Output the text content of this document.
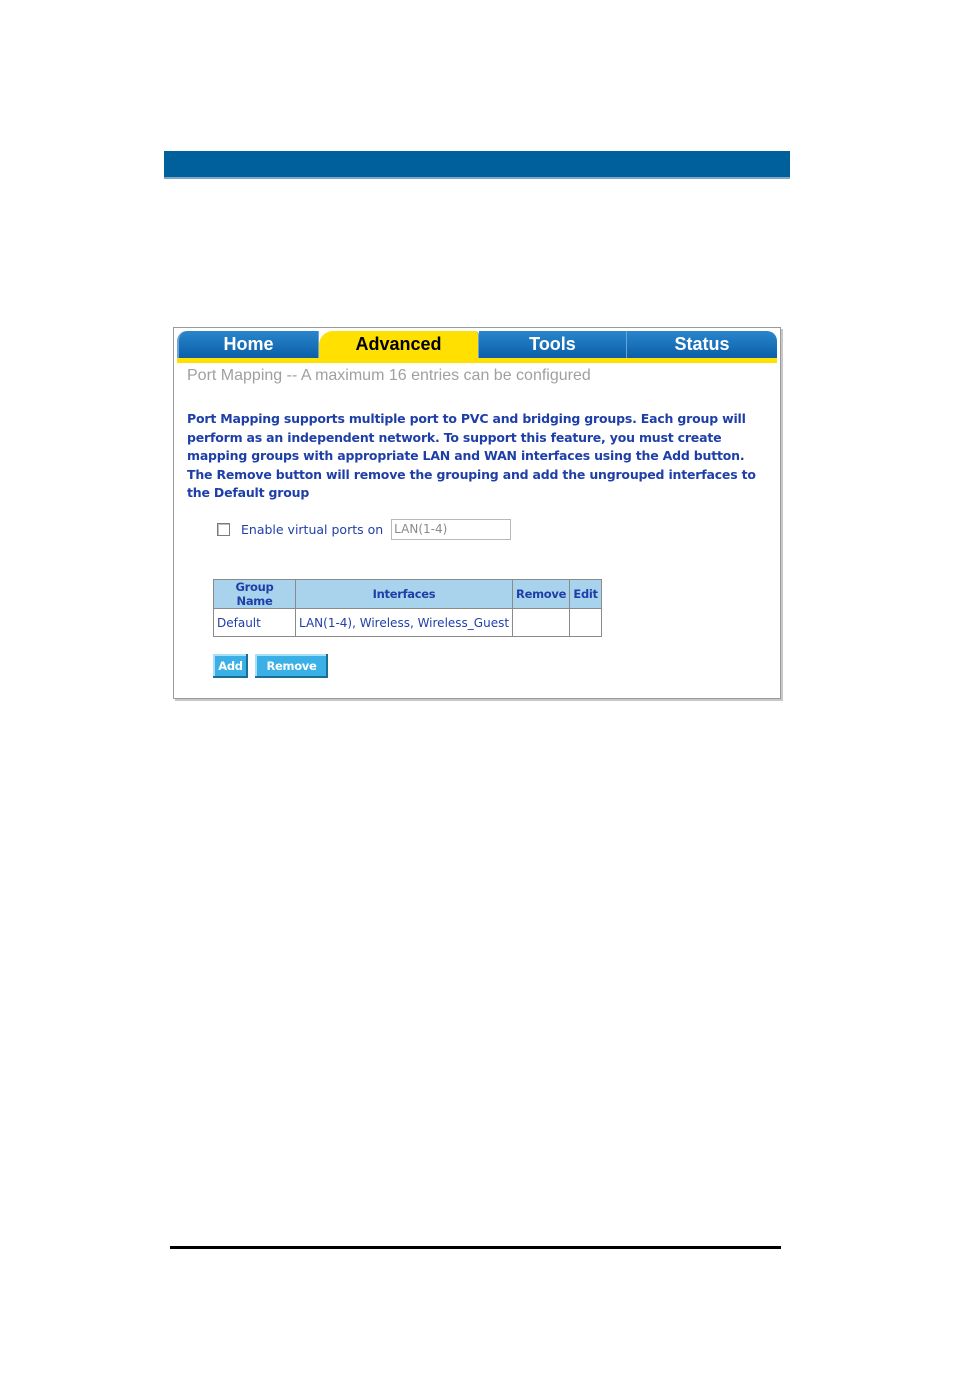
Home	Advanced	Tools	Status
Port Mapping -- A maximum 16 entries can be configured
Port Mapping supports multiple port to PVC and bridging groups. Each group will perform as an independent network. To support this feature, you must create mapping groups with appropriate LAN and WAN interfaces using the Add button. The Remove button will remove the grouping and add the ungrouped interfaces to the Default group
Enable virtual ports on
LAN(1-4)
Group Name	Interfaces	Remove	Edit
Default	LAN(1-4), Wireless, Wireless_Guest		
Add	Remove
